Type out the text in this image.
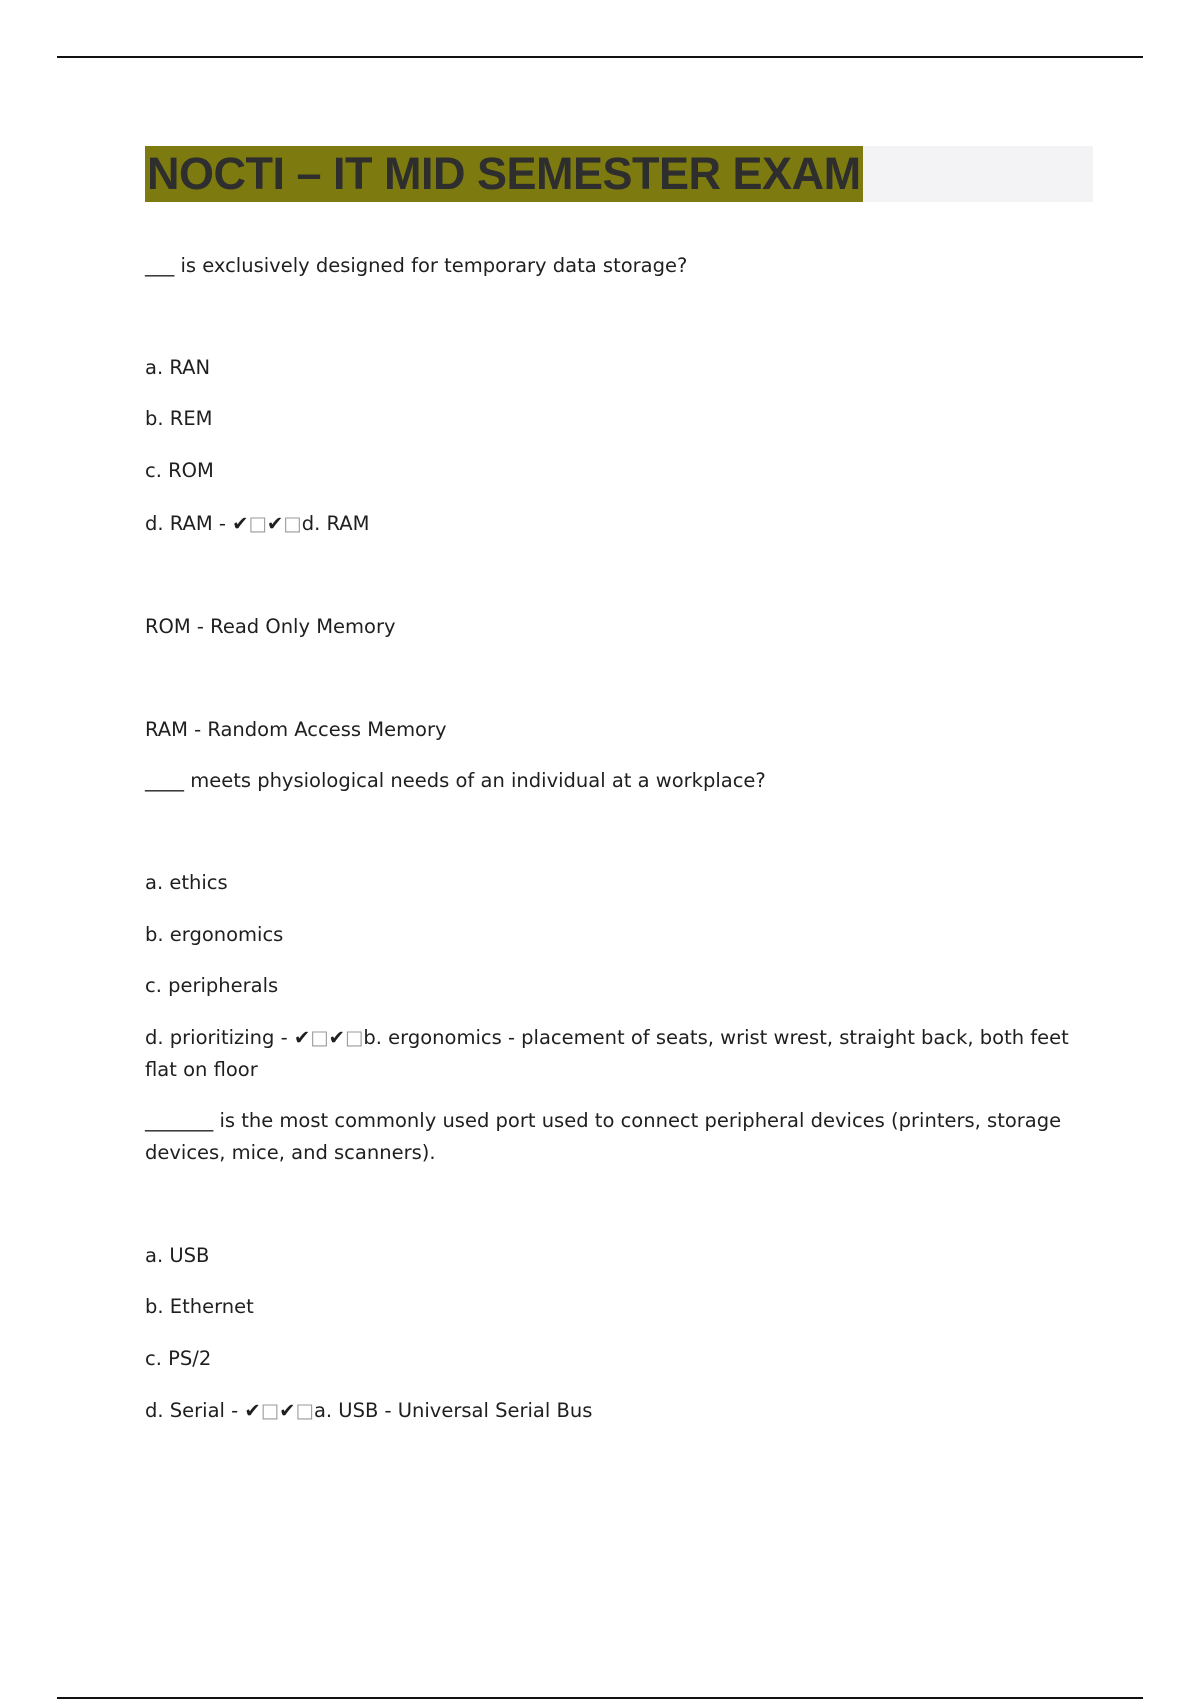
NOCTI – IT MID SEMESTER EXAM
___ is exclusively designed for temporary data storage?
a. RAN
b. REM
c. ROM
d. RAM - ✔□✔□d. RAM
ROM - Read Only Memory
RAM - Random Access Memory
____ meets physiological needs of an individual at a workplace?
a. ethics
b. ergonomics
c. peripherals
d. prioritizing - ✔□✔□b. ergonomics - placement of seats, wrist wrest, straight back, both feet flat on floor
_______ is the most commonly used port used to connect peripheral devices (printers, storage devices, mice, and scanners).
a. USB
b. Ethernet
c. PS/2
d. Serial - ✔□✔□a. USB - Universal Serial Bus
